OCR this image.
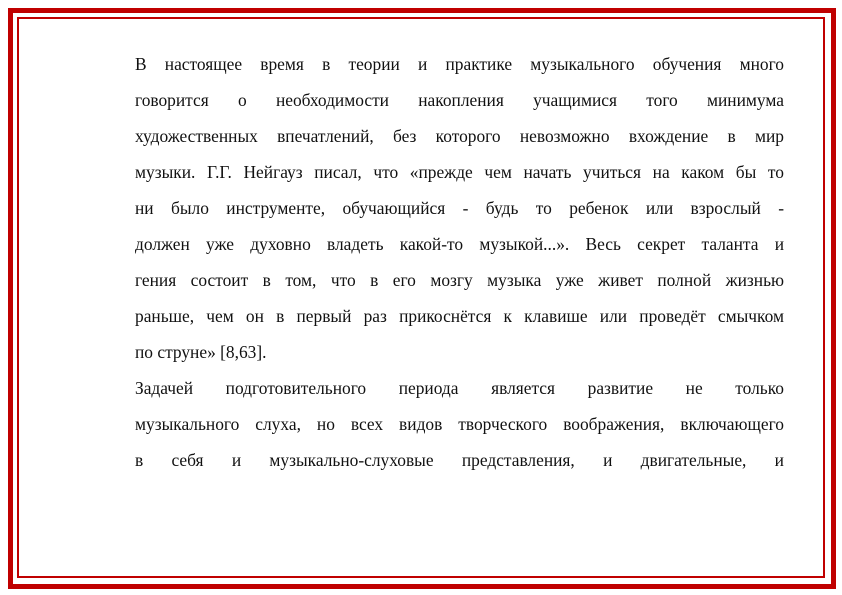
В настоящее время в теории и практике музыкального обучения много

говорится о необходимости накопления учащимися того минимума

художественных впечатлений, без которого невозможно вхождение в мир

музыки. Г.Г. Нейгауз писал, что «прежде чем начать учиться на каком бы то

ни было инструменте, обучающийся - будь то ребенок или взрослый -

должен уже духовно владеть какой-то музыкой...». Весь секрет таланта и

гения состоит в том, что в его мозгу музыка уже живет полной жизнью

раньше, чем он в первый раз прикоснётся к клавише или проведёт смычком

по струне» [8,63].

Задачей подготовительного периода является развитие не только

музыкального слуха, но всех видов творческого воображения, включающего

в себя и музыкально-слуховые представления, и двигательные, и
